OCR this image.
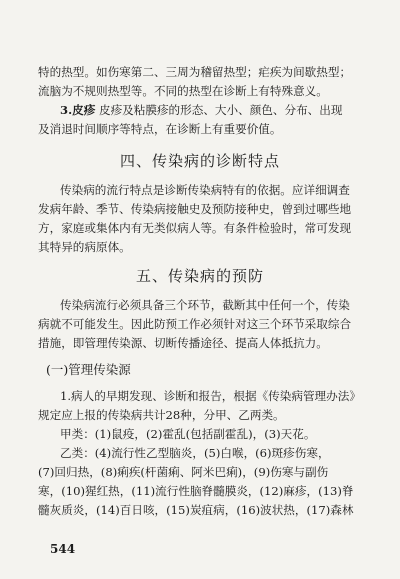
特的热型。如伤寒第二、三周为稽留热型；疟疾为间歇热型；
流脑为不规则热型等。不同的热型在诊断上有特殊意义。
3.皮疹 皮疹及粘膜疹的形态、大小、颜色、分布、出现
及消退时间顺序等特点，在诊断上有重要价值。
四、传染病的诊断特点
传染病的流行特点是诊断传染病特有的依据。应详细调查
发病年龄、季节、传染病接触史及预防接种史，曾到过哪些地
方，家庭或集体内有无类似病人等。有条件检验时，常可发现
其特异的病原体。
五、传染病的预防
传染病流行必须具备三个环节，截断其中任何一个，传染
病就不可能发生。因此防预工作必须针对这三个环节采取综合
措施，即管理传染源、切断传播途径、提高人体抵抗力。
(一)管理传染源
1.病人的早期发现、诊断和报告，根据《传染病管理办法》
规定应上报的传染病共计28种，分甲、乙两类。
甲类：(1)鼠疫，(2)霍乱(包括副霍乱)，(3)天花。
乙类：(4)流行性乙型脑炎，(5)白喉，(6)斑疹伤寒，
(7)回归热，(8)痢疾(杆菌痢、阿米巴痢)，(9)伤寒与副伤
寒，(10)猩红热，(11)流行性脑脊髓膜炎，(12)麻疹，(13)脊
髓灰质炎，(14)百日咳，(15)炭疽病，(16)波状热，(17)森林
544
